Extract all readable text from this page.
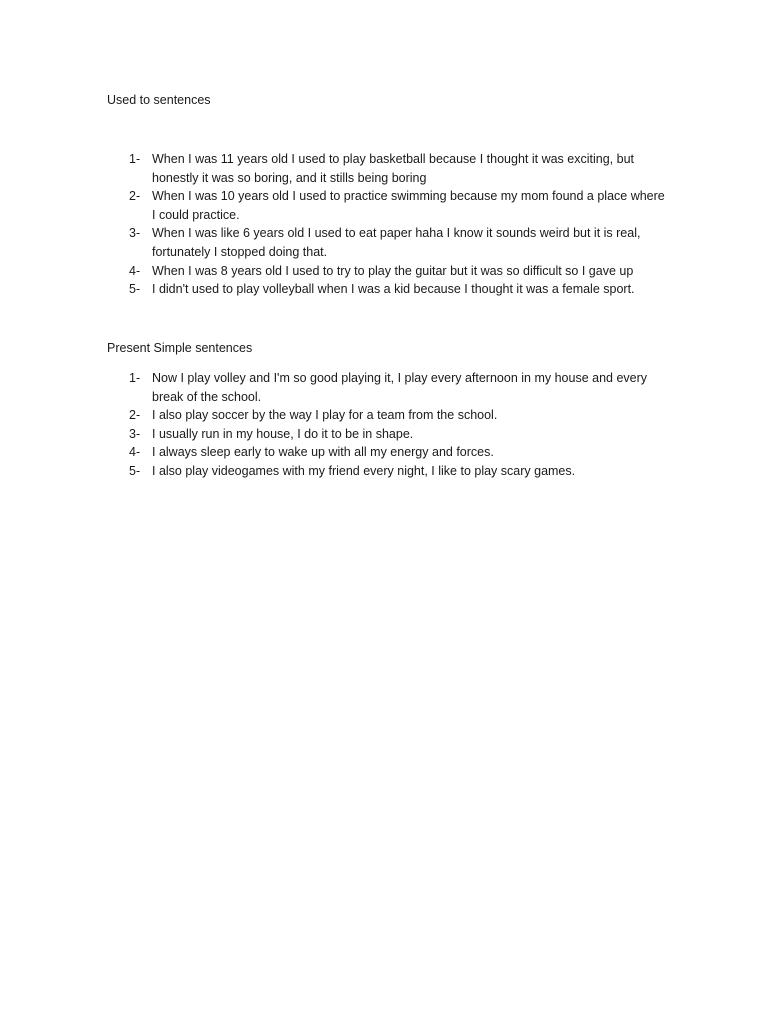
Used to sentences

1- When I was 11 years old I used to play basketball because I thought it was exciting, but honestly it was so boring, and it stills being boring
2- When I was 10 years old I used to practice swimming because my mom found a place where I could practice.
3- When I was like 6 years old I used to eat paper haha I know it sounds weird but it is real, fortunately I stopped doing that.
4- When I was 8 years old I used to try to play the guitar but it was so difficult so I gave up
5- I didn't used to play volleyball when I was a kid because I thought it was a female sport.

Present Simple sentences

1- Now I play volley and I'm so good playing it, I play every afternoon in my house and every break of the school.
2- I also play soccer by the way I play for a team from the school.
3- I usually run in my house, I do it to be in shape.
4- I always sleep early to wake up with all my energy and forces.
5- I also play videogames with my friend every night, I like to play scary games.
